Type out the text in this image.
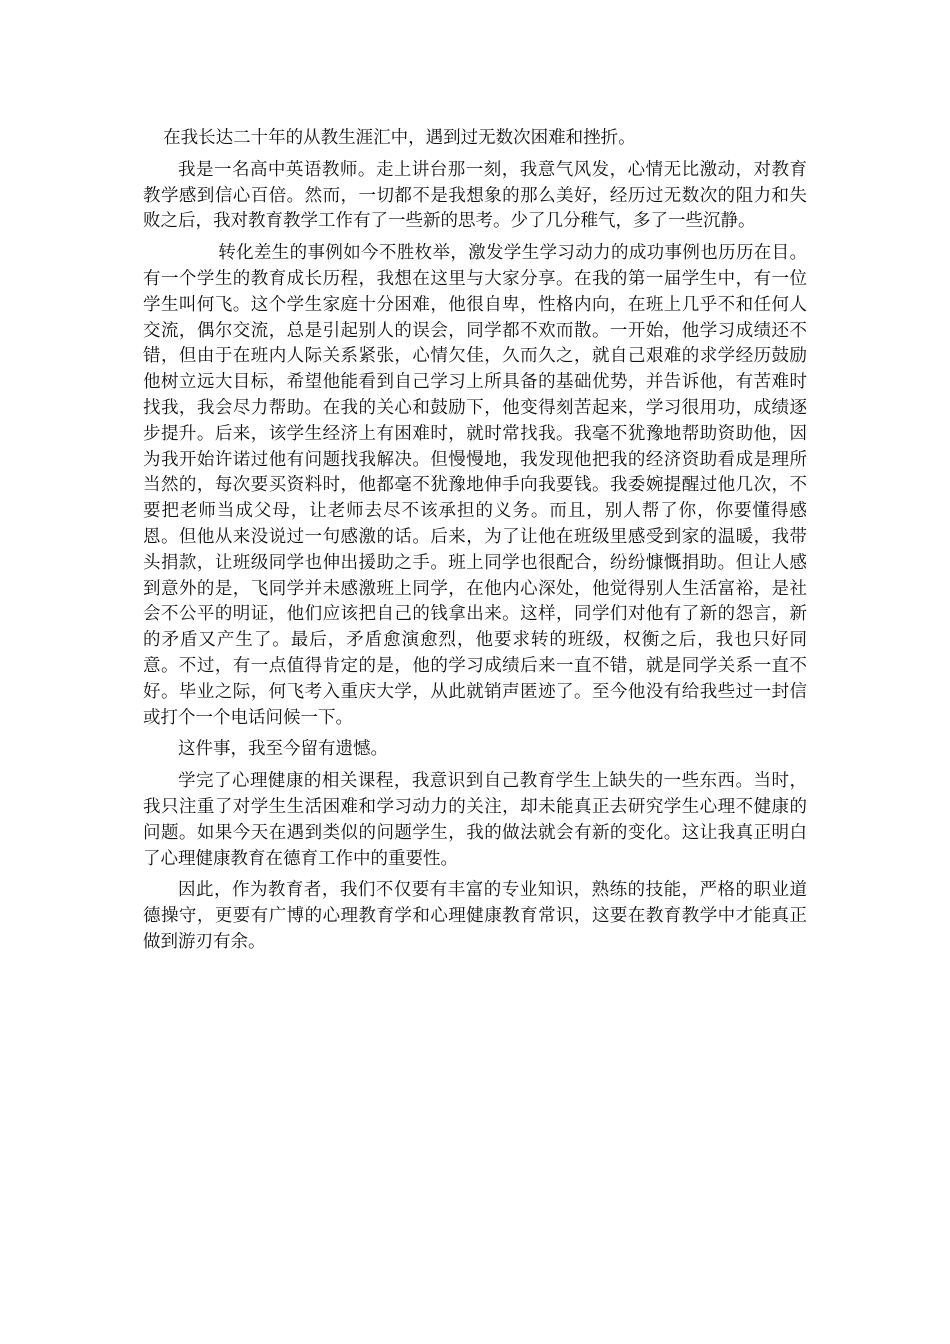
在我长达二十年的从教生涯汇中，遇到过无数次困难和挫折。

我是一名高中英语教师。走上讲台那一刻，我意气风发，心情无比激动，对教育教学感到信心百倍。然而，一切都不是我想象的那么美好，经历过无数次的阻力和失败之后，我对教育教学工作有了一些新的思考。少了几分稚气，多了一些沉静。

转化差生的事例如今不胜枚举，激发学生学习动力的成功事例也历历在目。有一个学生的教育成长历程，我想在这里与大家分享。在我的第一届学生中，有一位学生叫何飞。这个学生家庭十分困难，他很自卑，性格内向，在班上几乎不和任何人交流，偶尔交流，总是引起别人的误会，同学都不欢而散。一开始，他学习成绩还不错，但由于在班内人际关系紧张，心情欠佳，久而久之，就自己艰难的求学经历鼓励他树立远大目标，希望他能看到自己学习上所具备的基础优势，并告诉他，有苦难时找我，我会尽力帮助。在我的关心和鼓励下，他变得刻苦起来，学习很用功，成绩逐步提升。后来，该学生经济上有困难时，就时常找我。我毫不犹豫地帮助资助他，因为我开始许诺过他有问题找我解决。但慢慢地，我发现他把我的经济资助看成是理所当然的，每次要买资料时，他都毫不犹豫地伸手向我要钱。我委婉提醒过他几次，不要把老师当成父母，让老师去尽不该承担的义务。而且，别人帮了你，你要懂得感恩。但他从来没说过一句感激的话。后来，为了让他在班级里感受到家的温暖，我带头捐款，让班级同学也伸出援助之手。班上同学也很配合，纷纷慷慨捐助。但让人感到意外的是，飞同学并未感激班上同学，在他内心深处，他觉得别人生活富裕，是社会不公平的明证，他们应该把自己的钱拿出来。这样，同学们对他有了新的怨言，新的矛盾又产生了。最后，矛盾愈演愈烈，他要求转的班级，权衡之后，我也只好同意。不过，有一点值得肯定的是，他的学习成绩后来一直不错，就是同学关系一直不好。毕业之际，何飞考入重庆大学，从此就销声匿迹了。至今他没有给我些过一封信或打个一个电话问候一下。

这件事，我至今留有遗憾。

学完了心理健康的相关课程，我意识到自己教育学生上缺失的一些东西。当时，我只注重了对学生生活困难和学习动力的关注，却未能真正去研究学生心理不健康的问题。如果今天在遇到类似的问题学生，我的做法就会有新的变化。这让我真正明白了心理健康教育在德育工作中的重要性。

因此，作为教育者，我们不仅要有丰富的专业知识，熟练的技能，严格的职业道德操守，更要有广博的心理教育学和心理健康教育常识，这要在教育教学中才能真正做到游刃有余。
